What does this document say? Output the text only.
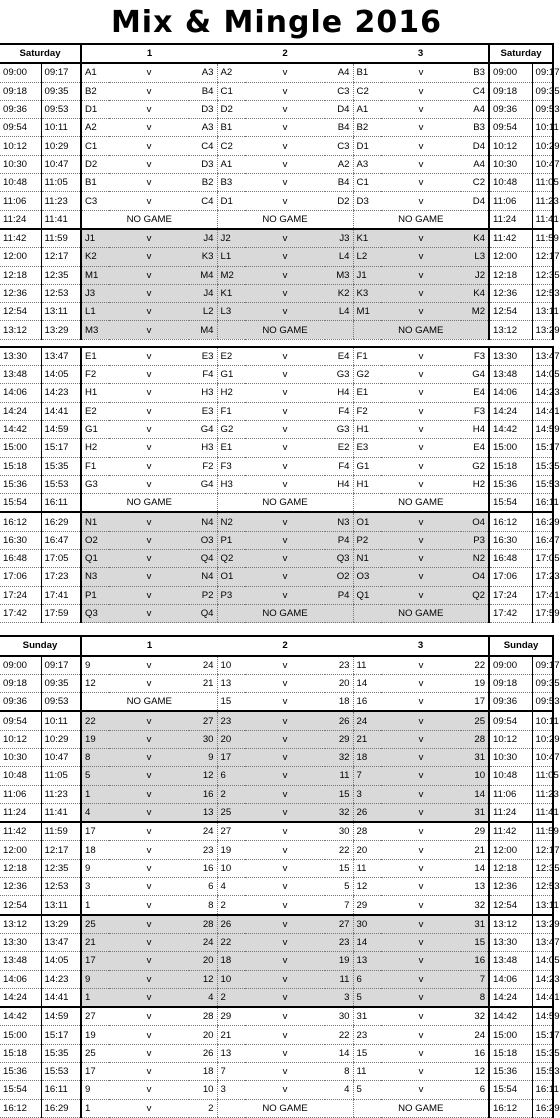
Mix & Mingle 2016
Saturday		1			2			3			Saturday	
09:00	09:17	A1	v	A3	A2	v	A4	B1	v	B3	09:00	09:17
09:18	09:35	B2	v	B4	C1	v	C3	C2	v	C4	09:18	09:35
09:36	09:53	D1	v	D3	D2	v	D4	A1	v	A4	09:36	09:53
09:54	10:11	A2	v	A3	B1	v	B4	B2	v	B3	09:54	10:11
10:12	10:29	C1	v	C4	C2	v	C3	D1	v	D4	10:12	10:29
10:30	10:47	D2	v	D3	A1	v	A2	A3	v	A4	10:30	10:47
10:48	11:05	B1	v	B2	B3	v	B4	C1	v	C2	10:48	11:05
11:06	11:23	C3	v	C4	D1	v	D2	D3	v	D4	11:06	11:23
11:24	11:41	NO GAME			NO GAME			NO GAME			11:24	11:41
11:42	11:59	J1	v	J4	J2	v	J3	K1	v	K4	11:42	11:59
12:00	12:17	K2	v	K3	L1	v	L4	L2	v	L3	12:00	12:17
12:18	12:35	M1	v	M4	M2	v	M3	J1	v	J2	12:18	12:35
12:36	12:53	J3	v	J4	K1	v	K2	K3	v	K4	12:36	12:53
12:54	13:11	L1	v	L2	L3	v	L4	M1	v	M2	12:54	13:11
13:12	13:29	M3	v	M4	NO GAME			NO GAME			13:12	13:29

13:30	13:47	E1	v	E3	E2	v	E4	F1	v	F3	13:30	13:47
13:48	14:05	F2	v	F4	G1	v	G3	G2	v	G4	13:48	14:05
14:06	14:23	H1	v	H3	H2	v	H4	E1	v	E4	14:06	14:23
14:24	14:41	E2	v	E3	F1	v	F4	F2	v	F3	14:24	14:41
14:42	14:59	G1	v	G4	G2	v	G3	H1	v	H4	14:42	14:59
15:00	15:17	H2	v	H3	E1	v	E2	E3	v	E4	15:00	15:17
15:18	15:35	F1	v	F2	F3	v	F4	G1	v	G2	15:18	15:35
15:36	15:53	G3	v	G4	H3	v	H4	H1	v	H2	15:36	15:53
15:54	16:11	NO GAME			NO GAME			NO GAME			15:54	16:11
16:12	16:29	N1	v	N4	N2	v	N3	O1	v	O4	16:12	16:29
16:30	16:47	O2	v	O3	P1	v	P4	P2	v	P3	16:30	16:47
16:48	17:05	Q1	v	Q4	Q2	v	Q3	N1	v	N2	16:48	17:05
17:06	17:23	N3	v	N4	O1	v	O2	O3	v	O4	17:06	17:23
17:24	17:41	P1	v	P2	P3	v	P4	Q1	v	Q2	17:24	17:41
17:42	17:59	Q3	v	Q4	NO GAME			NO GAME			17:42	17:59

Sunday		1			2			3			Sunday	
09:00	09:17	9	v	24	10	v	23	11	v	22	09:00	09:17
09:18	09:35	12	v	21	13	v	20	14	v	19	09:18	09:35
09:36	09:53	NO GAME			15	v	18	16	v	17	09:36	09:53
09:54	10:11	22	v	27	23	v	26	24	v	25	09:54	10:11
10:12	10:29	19	v	30	20	v	29	21	v	28	10:12	10:29
10:30	10:47	8	v	9	17	v	32	18	v	31	10:30	10:47
10:48	11:05	5	v	12	6	v	11	7	v	10	10:48	11:05
11:06	11:23	1	v	16	2	v	15	3	v	14	11:06	11:23
11:24	11:41	4	v	13	25	v	32	26	v	31	11:24	11:41
11:42	11:59	17	v	24	27	v	30	28	v	29	11:42	11:59
12:00	12:17	18	v	23	19	v	22	20	v	21	12:00	12:17
12:18	12:35	9	v	16	10	v	15	11	v	14	12:18	12:35
12:36	12:53	3	v	6	4	v	5	12	v	13	12:36	12:53
12:54	13:11	1	v	8	2	v	7	29	v	32	12:54	13:11
13:12	13:29	25	v	28	26	v	27	30	v	31	13:12	13:29
13:30	13:47	21	v	24	22	v	23	14	v	15	13:30	13:47
13:48	14:05	17	v	20	18	v	19	13	v	16	13:48	14:05
14:06	14:23	9	v	12	10	v	11	6	v	7	14:06	14:23
14:24	14:41	1	v	4	2	v	3	5	v	8	14:24	14:41
14:42	14:59	27	v	28	29	v	30	31	v	32	14:42	14:59
15:00	15:17	19	v	20	21	v	22	23	v	24	15:00	15:17
15:18	15:35	25	v	26	13	v	14	15	v	16	15:18	15:35
15:36	15:53	17	v	18	7	v	8	11	v	12	15:36	15:53
15:54	16:11	9	v	10	3	v	4	5	v	6	15:54	16:11
16:12	16:29	1	v	2	NO GAME			NO GAME			16:12	16:29
